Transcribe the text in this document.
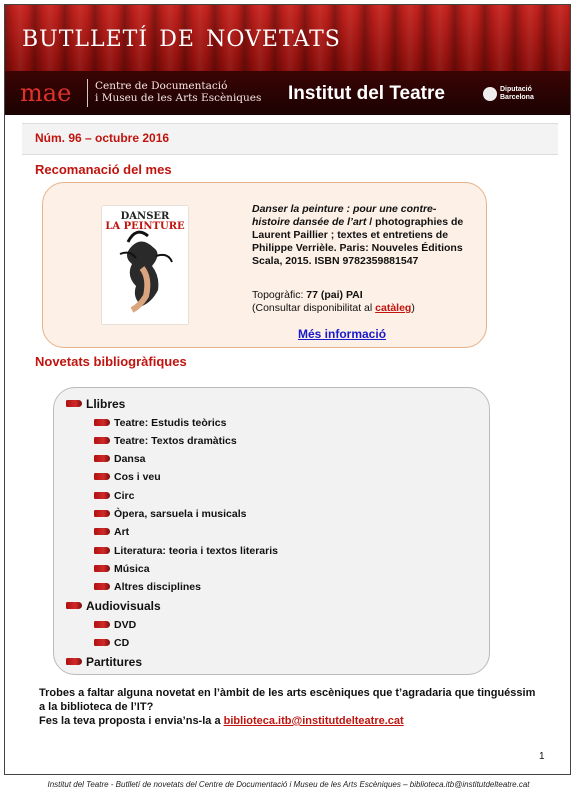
butlletí de novetats
mae Centre de Documentació
i Museu de les Arts Escèniques Institut del Teatre	Diputació
Barcelona
Núm. 96 – octubre 2016
Recomanació del mes
DANSER
LA PEINTURE
Danser la peinture : pour une contre-histoire dansée de l’art / photographies de Laurent Paillier ; textes et entretiens de Philippe Verrièle. Paris: Nouveles Éditions Scala, 2015. ISBN 9782359881547
Topogràfic: 77 (pai) PAI
(Consultar disponibilitat al catàleg)
Més informació
Novetats bibliogràfiques
Llibres
Teatre: Estudis teòrics
Teatre: Textos dramàtics
Dansa
Cos i veu
Circ
Òpera, sarsuela i musicals
Art
Literatura: teoria i textos literaris
Música
Altres disciplines
Audiovisuals
DVD
CD
Partitures
Trobes a faltar alguna novetat en l’àmbit de les arts escèniques que t’agradaria que tinguéssim a la biblioteca de l’IT?
Fes la teva proposta i envia’ns-la a biblioteca.itb@institutdelteatre.cat
1
Institut del Teatre - Butlletí de novetats del Centre de Documentació i Museu de les Arts Escèniques – biblioteca.itb@institutdelteatre.cat
